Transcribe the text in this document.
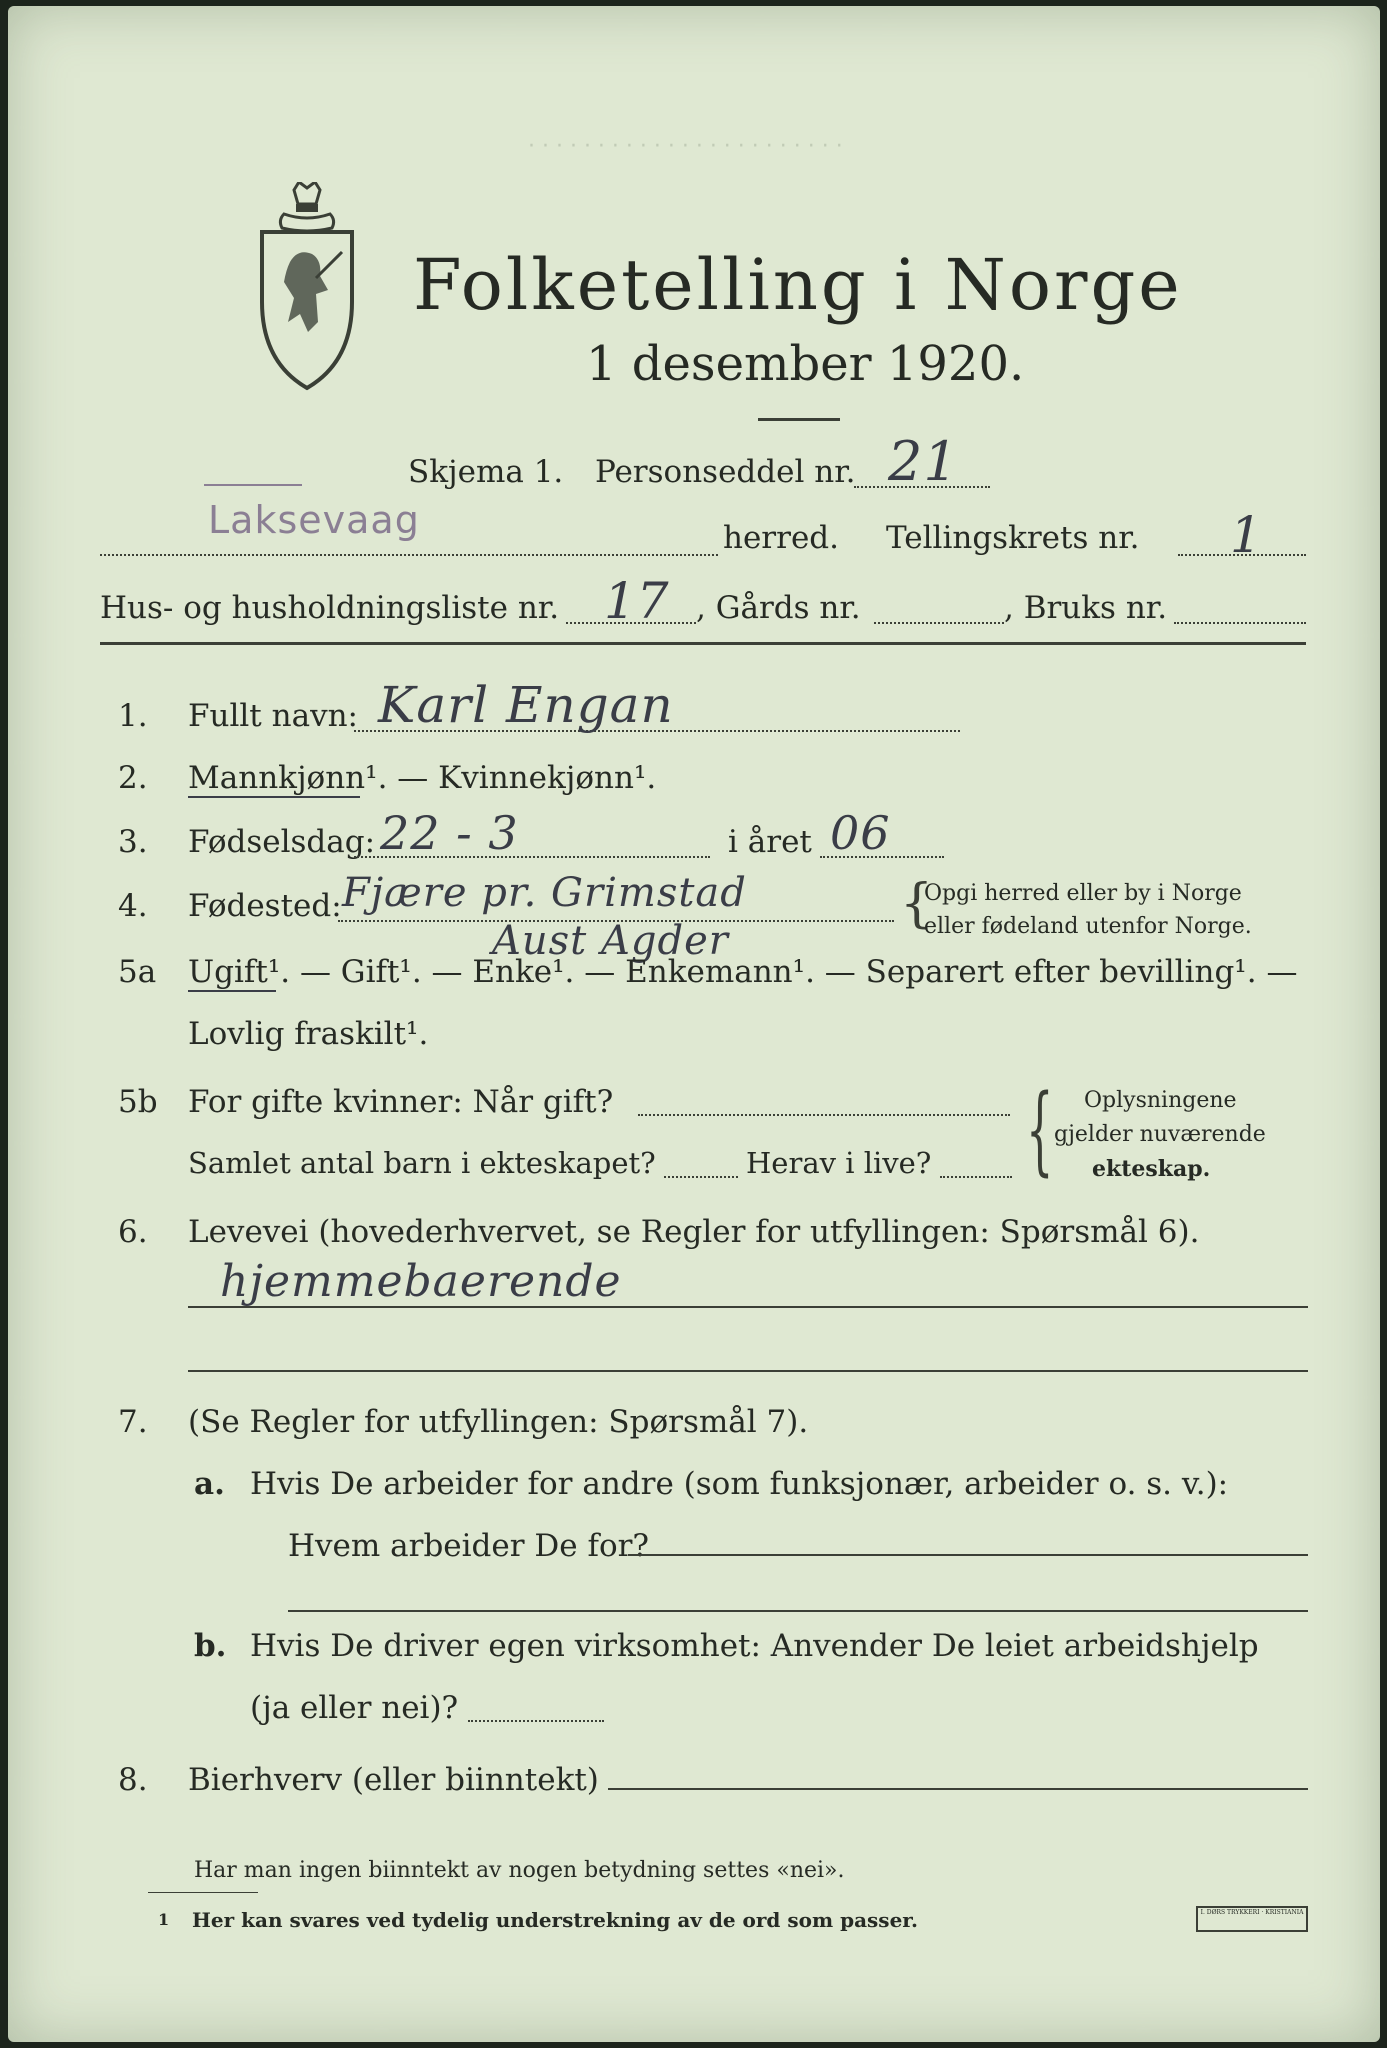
· · · · · · · · · · · · · · · · · · · · · · ·
Folketelling i Norge
1 desember 1920.
Skjema 1. Personseddel nr. 21
Laksevaag	herred. Tellingskrets nr. 1
Hus- og husholdningsliste nr. 17 , Gårds nr.	, Bruks nr.
1. Fullt navn: Karl Engan
2. Mannkjønn¹. — Kvinnekjønn¹.
3. Fødselsdag: 22 - 3	i året 06
4. Fødested: Fjære pr. Grimstad
Aust Agder
{
Opgi herred eller by i Norge
eller fødeland utenfor Norge.
5a Ugift¹. — Gift¹. — Enke¹. — Enkemann¹. — Separert efter bevilling¹. —
Lovlig fraskilt¹.
5b For gifte kvinner: Når gift?
Samlet antal barn i ekteskapet?	Herav i live? { Oplysningene
gjelder nuværende
ekteskap.
6. Levevei (hovederhvervet, se Regler for utfyllingen: Spørsmål 6).
hjemmebaerende
7. (Se Regler for utfyllingen: Spørsmål 7).
a. Hvis De arbeider for andre (som funksjonær, arbeider o. s. v.):
Hvem arbeider De for?
b. Hvis De driver egen virksomhet: Anvender De leiet arbeidshjelp
(ja eller nei)?
8. Bierhverv (eller biinntekt)
Har man ingen biinntekt av nogen betydning settes «nei».
1 Her kan svares ved tydelig understrekning av de ord som passer.	I. DØRS TRYKKERI · KRISTIANIA
